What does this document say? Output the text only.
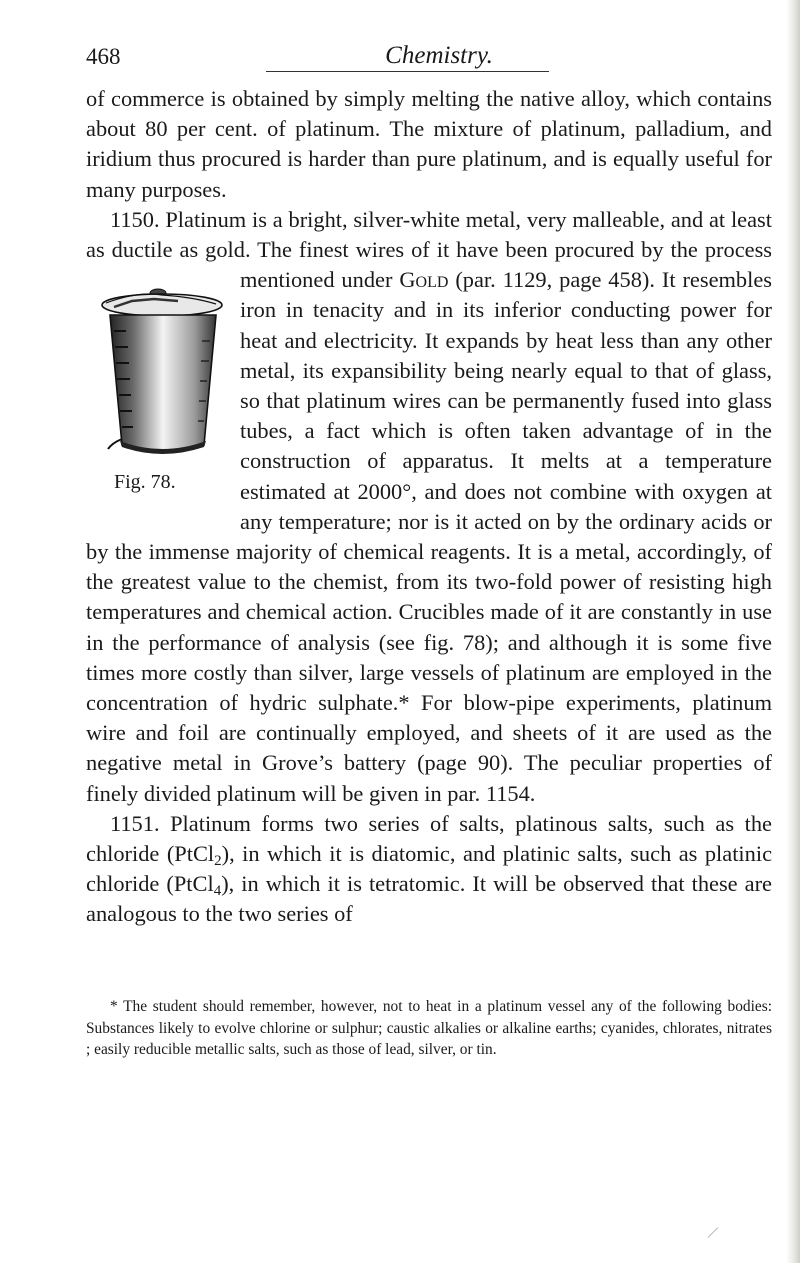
468	Chemistry.

of commerce is obtained by simply melting the native alloy, which contains about 80 per cent. of platinum. The mixture of platinum, palladium, and iridium thus procured is harder than pure platinum, and is equally useful for many purposes.

1150. Platinum is a bright, silver-white metal, very malleable, and at least as ductile as gold. The finest wires of it have been procured by the process mentioned under Gold
Fig. 78.
(par. 1129, page 458). It resembles iron in tenacity and in its inferior conducting power for heat and electricity. It expands by heat less than any other metal, its expansibility being nearly equal to that of glass, so that platinum wires can be permanently fused into glass tubes, a fact which is often taken advantage of in the construction of apparatus. It melts at a temperature estimated at 2000°, and does not combine with oxygen at any temperature; nor is it acted on by the ordinary acids or by the immense majority of chemical reagents. It is a metal, accordingly, of the greatest value to the chemist, from its two-fold power of resisting high temperatures and chemical action. Crucibles made of it are constantly in use in the performance of analysis (see fig. 78); and although it is some five times more costly than silver, large vessels of platinum are employed in the concentration of hydric sulphate.* For blow-pipe experiments, platinum wire and foil are continually employed, and sheets of it are used as the negative metal in Grove’s battery (page 90). The peculiar properties of finely divided platinum will be given in par. 1154.

1151. Platinum forms two series of salts, platinous salts, such as the chloride (PtCl$_2$), in which it is diatomic, and platinic salts, such as platinic chloride (PtCl$_4$), in which it is tetratomic. It will be observed that these are analogous to the two series of

* The student should remember, however, not to heat in a platinum vessel any of the following bodies: Substances likely to evolve chlorine or sulphur; caustic alkalies or alkaline earths; cyanides, chlorates, nitrates ; easily reducible metallic salts, such as those of lead, silver, or tin.
